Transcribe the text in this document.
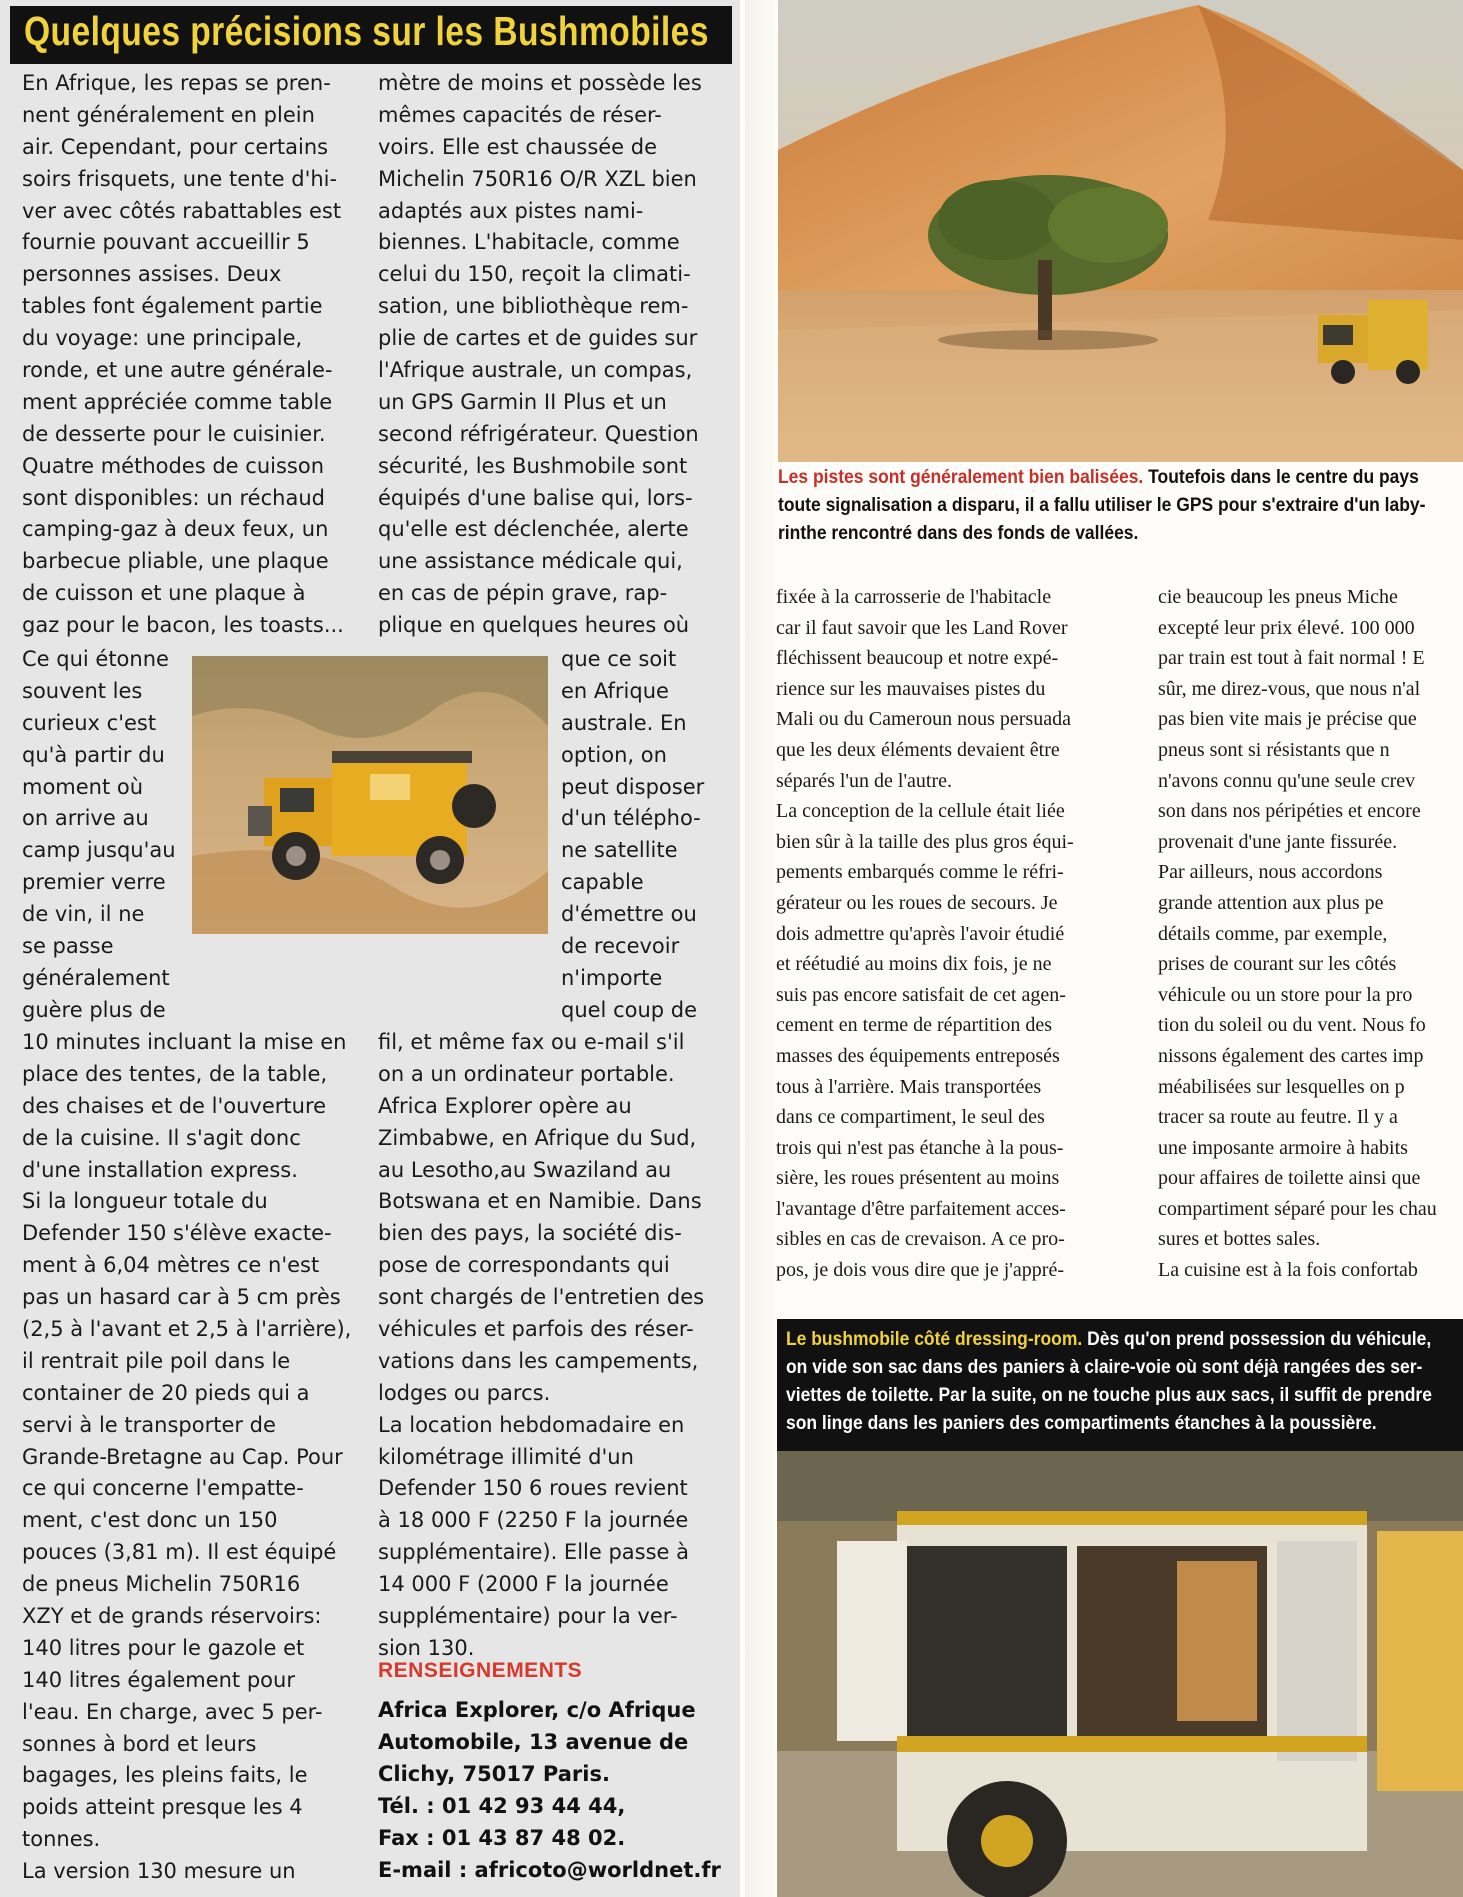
Quelques précisions sur les Bushmobiles
En Afrique, les repas se pren-
nent généralement en plein
air. Cependant, pour certains
soirs frisquets, une tente d'hi-
ver avec côtés rabattables est
fournie pouvant accueillir 5
personnes assises. Deux
tables font également partie
du voyage: une principale,
ronde, et une autre générale-
ment appréciée comme table
de desserte pour le cuisinier.
Quatre méthodes de cuisson
sont disponibles: un réchaud
camping-gaz à deux feux, un
barbecue pliable, une plaque
de cuisson et une plaque à
gaz pour le bacon, les toasts...
mètre de moins et possède les
mêmes capacités de réser-
voirs. Elle est chaussée de
Michelin 750R16 O/R XZL bien
adaptés aux pistes nami-
biennes. L'habitacle, comme
celui du 150, reçoit la climati-
sation, une bibliothèque rem-
plie de cartes et de guides sur
l'Afrique australe, un compas,
un GPS Garmin II Plus et un
second réfrigérateur. Question
sécurité, les Bushmobile sont
équipés d'une balise qui, lors-
qu'elle est déclenchée, alerte
une assistance médicale qui,
en cas de pépin grave, rap-
plique en quelques heures où
Ce qui étonne
souvent les
curieux c'est
qu'à partir du
moment où
on arrive au
camp jusqu'au
premier verre
de vin, il ne
se passe
généralement
guère plus de
que ce soit
en Afrique
australe. En
option, on
peut disposer
d'un télépho-
ne satellite
capable
d'émettre ou
de recevoir
n'importe
quel coup de
10 minutes incluant la mise en
place des tentes, de la table,
des chaises et de l'ouverture
de la cuisine. Il s'agit donc
d'une installation express.
Si la longueur totale du
Defender 150 s'élève exacte-
ment à 6,04 mètres ce n'est
pas un hasard car à 5 cm près
(2,5 à l'avant et 2,5 à l'arrière),
il rentrait pile poil dans le
container de 20 pieds qui a
servi à le transporter de
Grande-Bretagne au Cap. Pour
ce qui concerne l'empatte-
ment, c'est donc un 150
pouces (3,81 m). Il est équipé
de pneus Michelin 750R16
XZY et de grands réservoirs:
140 litres pour le gazole et
140 litres également pour
l'eau. En charge, avec 5 per-
sonnes à bord et leurs
bagages, les pleins faits, le
poids atteint presque les 4
tonnes.
La version 130 mesure un
fil, et même fax ou e-mail s'il
on a un ordinateur portable.
Africa Explorer opère au
Zimbabwe, en Afrique du Sud,
au Lesotho,au Swaziland au
Botswana et en Namibie. Dans
bien des pays, la société dis-
pose de correspondants qui
sont chargés de l'entretien des
véhicules et parfois des réser-
vations dans les campements,
lodges ou parcs.
La location hebdomadaire en
kilométrage illimité d'un
Defender 150 6 roues revient
à 18 000 F (2250 F la journée
supplémentaire). Elle passe à
14 000 F (2000 F la journée
supplémentaire) pour la ver-
sion 130.
RENSEIGNEMENTS
Africa Explorer, c/o Afrique
Automobile, 13 avenue de
Clichy, 75017 Paris.
Tél. : 01 42 93 44 44,
Fax : 01 43 87 48 02.
E-mail : africoto@worldnet.fr
Les pistes sont généralement bien balisées. Toutefois dans le centre du pays
toute signalisation a disparu, il a fallu utiliser le GPS pour s'extraire d'un laby-
rinthe rencontré dans des fonds de vallées.
fixée à la carrosserie de l'habitacle
car il faut savoir que les Land Rover
fléchissent beaucoup et notre expé-
rience sur les mauvaises pistes du
Mali ou du Cameroun nous persuada
que les deux éléments devaient être
séparés l'un de l'autre.
La conception de la cellule était liée
bien sûr à la taille des plus gros équi-
pements embarqués comme le réfri-
gérateur ou les roues de secours. Je
dois admettre qu'après l'avoir étudié
et réétudié au moins dix fois, je ne
suis pas encore satisfait de cet agen-
cement en terme de répartition des
masses des équipements entreposés
tous à l'arrière. Mais transportées
dans ce compartiment, le seul des
trois qui n'est pas étanche à la pous-
sière, les roues présentent au moins
l'avantage d'être parfaitement acces-
sibles en cas de crevaison. A ce pro-
pos, je dois vous dire que je j'appré-
cie beaucoup les pneus Miche
excepté leur prix élevé. 100 000
par train est tout à fait normal ! E
sûr, me direz-vous, que nous n'al
pas bien vite mais je précise que
pneus sont si résistants que n
n'avons connu qu'une seule crev
son dans nos péripéties et encore
provenait d'une jante fissurée.
Par ailleurs, nous accordons
grande attention aux plus pe
détails comme, par exemple,
prises de courant sur les côtés
véhicule ou un store pour la pro
tion du soleil ou du vent. Nous fo
nissons également des cartes imp
méabilisées sur lesquelles on p
tracer sa route au feutre. Il y a
une imposante armoire à habits
pour affaires de toilette ainsi que
compartiment séparé pour les chau
sures et bottes sales.
La cuisine est à la fois confortab
Le bushmobile côté dressing-room. Dès qu'on prend possession du véhicule,
on vide son sac dans des paniers à claire-voie où sont déjà rangées des ser-
viettes de toilette. Par la suite, on ne touche plus aux sacs, il suffit de prendre
son linge dans les paniers des compartiments étanches à la poussière.
